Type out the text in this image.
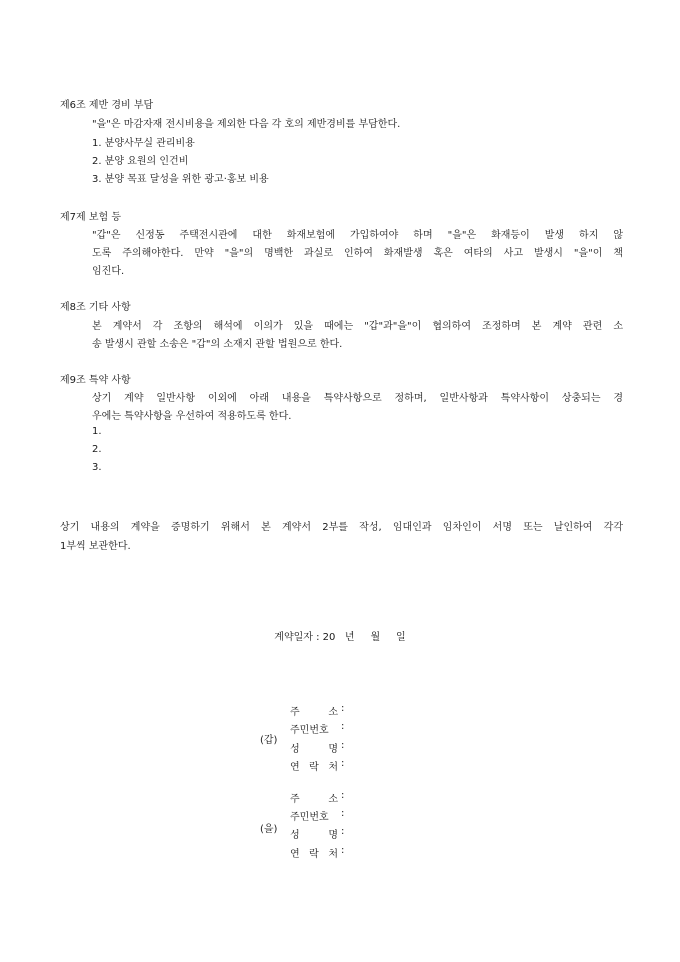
제6조 제반 경비 부담
"을"은 마감자재 전시비용을 제외한 다음 각 호의 제반경비를 부담한다.
1. 분양사무실 관리비용
2. 분양 요원의 인건비
3. 분양 목표 달성을 위한 광고·홍보 비용
제7제 보험 등
"갑"은 신정동 주택전시관에 대한 화재보험에 가입하여야 하며 "을"은 화재등이 발생 하지 않
도록 주의해야한다. 만약 "을"의 명백한 과실로 인하여 화재발생 혹은 여타의 사고 발생시 "을"이 책
임진다.
제8조 기타 사항
본 계약서 각 조항의 해석에 이의가 있을 때에는 "갑"과"을"이 협의하여 조정하며 본 계약 관련 소
송 발생시 관할 소송은 "갑"의 소재지 관할 법원으로 한다.
제9조 특약 사항
상기 계약 일반사항 이외에 아래 내용을 특약사항으로 정하며, 일반사항과 특약사항이 상충되는 경
우에는 특약사항을 우선하여 적용하도록 한다.
1.
2.
3.
상기 내용의 계약을 증명하기 위해서 본 계약서 2부를 작성, 임대인과 임차인이 서명 또는 날인하여 각각
1부씩 보관한다.
계약일자 : 20   년     월     일
(갑)
주 소 :
주민번호	:
성 명 :
연 락 처 :
(을)
주 소 :
주민번호	:
성 명 :
연 락 처 :
